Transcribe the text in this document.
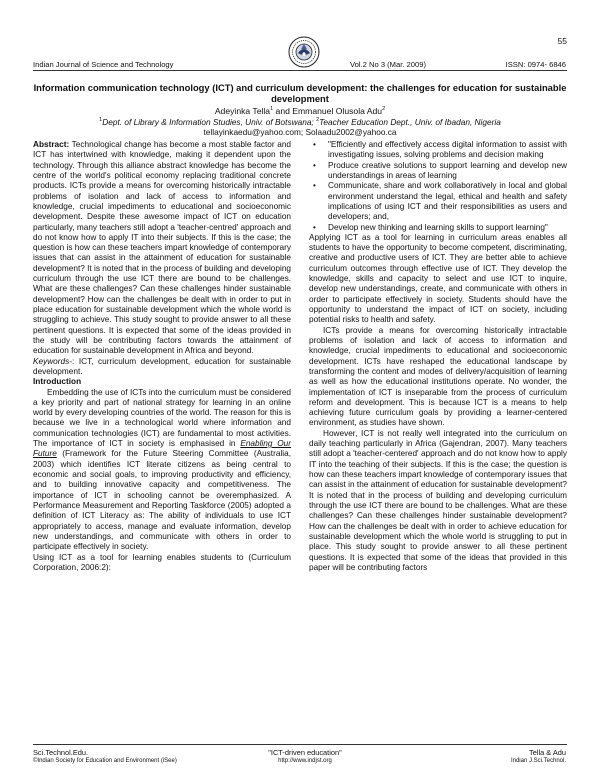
55
Indian Journal of Science and Technology	Vol.2 No 3 (Mar. 2009)	ISSN: 0974- 6846
Information communication technology (ICT) and curriculum development: the challenges for education for sustainable development
Adeyinka Tella$^1$ and Emmanuel Olusola Adu$^2$
$^1$Dept. of Library & Information Studies, Univ. of Botswana; $^2$Teacher Education Dept., Univ. of Ibadan, Nigeria
tellayinkaedu@yahoo.com; Solaadu2002@yahoo.ca

Abstract: Technological change has become a most stable factor and ICT has intertwined with knowledge, making it dependent upon the technology. Through this alliance abstract knowledge has become the centre of the world's political economy replacing traditional concrete products. ICTs provide a means for overcoming historically intractable problems of isolation and lack of access to information and knowledge, crucial impediments to educational and socioeconomic development. Despite these awesome impact of ICT on education particularly, many teachers still adopt a 'teacher-centred' approach and do not know how to apply IT into their subjects. If this is the case; the question is how can these teachers impart knowledge of contemporary issues that can assist in the attainment of education for sustainable development? It is noted that in the process of building and developing curriculum through the use ICT there are bound to be challenges. What are these challenges? Can these challenges hinder sustainable development? How can the challenges be dealt with in order to put in place education for sustainable development which the whole world is struggling to achieve. This study sought to provide answer to all these pertinent questions. It is expected that some of the ideas provided in the study will be contributing factors towards the attainment of education for sustainable development in Africa and beyond.

Keywords-: ICT, curriculum development, education for sustainable development.

Introduction

Embedding the use of ICTs into the curriculum must be considered a key priority and part of national strategy for learning in an online world by every developing countries of the world. The reason for this is because we live in a technological world where information and communication technologies (ICT) are fundamental to most activities. The importance of ICT in society is emphasised in Enabling Our Future (Framework for the Future Steering Committee (Australia, 2003) which identifies ICT literate citizens as being central to economic and social goals, to improving productivity and efficiency, and to building innovative capacity and competitiveness. The importance of ICT in schooling cannot be overemphasized. A Performance Measurement and Reporting Taskforce (2005) adopted a definition of ICT Literacy as: The ability of individuals to use ICT appropriately to access, manage and evaluate information, develop new understandings, and communicate with others in order to participate effectively in society.

Using ICT as a tool for learning enables students to (Curriculum Corporation, 2006:2):

• "Efficiently and effectively access digital information to assist with investigating issues, solving problems and decision making
• Produce creative solutions to support learning and develop new understandings in areas of learning
• Communicate, share and work collaboratively in local and global environment understand the legal, ethical and health and safety implications of using ICT and their responsibilities as users and developers; and,
• Develop new thinking and learning skills to support learning"

Applying ICT as a tool for learning in curriculum areas enables all students to have the opportunity to become competent, discriminating, creative and productive users of ICT. They are better able to achieve curriculum outcomes through effective use of ICT. They develop the knowledge, skills and capacity to select and use ICT to inquire, develop new understandings, create, and communicate with others in order to participate effectively in society. Students should have the opportunity to understand the impact of ICT on society, including potential risks to health and safety.

ICTs provide a means for overcoming historically intractable problems of isolation and lack of access to information and knowledge, crucial impediments to educational and socioeconomic development. ICTs have reshaped the educational landscape by transforming the content and modes of delivery/acquisition of learning as well as how the educational institutions operate. No wonder, the implementation of ICT is inseparable from the process of curriculum reform and development. This is because ICT is a means to help achieving future curriculum goals by providing a learner-centered environment, as studies have shown.

However, ICT is not really well integrated into the curriculum on daily teaching particularly in Africa (Gajendran, 2007). Many teachers still adopt a 'teacher-centered' approach and do not know how to apply IT into the teaching of their subjects. If this is the case; the question is how can these teachers impart knowledge of contemporary issues that can assist in the attainment of education for sustainable development? It is noted that in the process of building and developing curriculum through the use ICT there are bound to be challenges. What are these challenges? Can these challenges hinder sustainable development? How can the challenges be dealt with in order to achieve education for sustainable development which the whole world is struggling to put in place. This study sought to provide answer to all these pertinent questions. It is expected that some of the ideas that provided in this paper will be contributing factors

Sci.Technol.Edu.
©Indian Society for Education and Environment (iSee)
"ICT-driven education"
http://www.indjst.org
Tella & Adu
Indian J.Sci.Technol.
